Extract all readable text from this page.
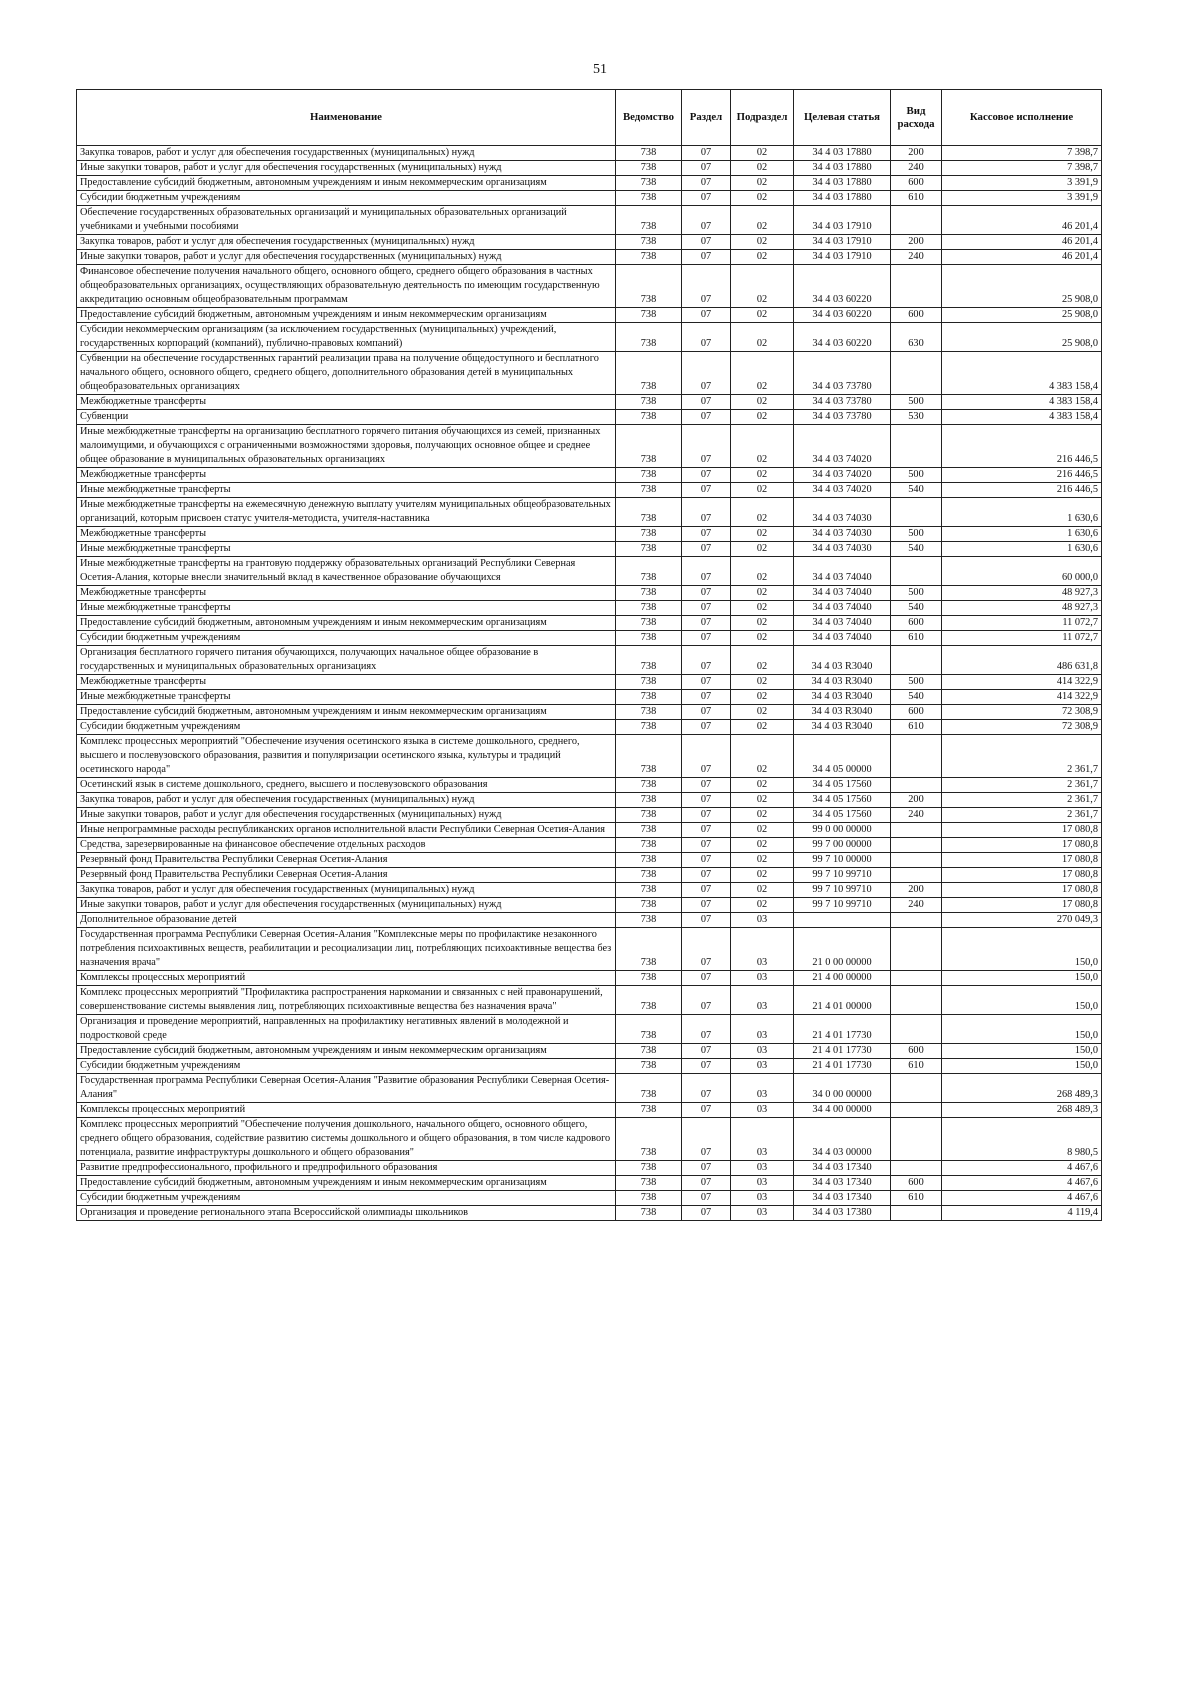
51
Наименование	Ведомство	Раздел	Подраздел	Целевая статья	Вид расхода	Кассовое исполнение
Закупка товаров, работ и услуг для обеспечения государственных (муниципальных) нужд	738	07	02	34 4 03 17880	200	7 398,7
Иные закупки товаров, работ и услуг для обеспечения государственных (муниципальных) нужд	738	07	02	34 4 03 17880	240	7 398,7
Предоставление субсидий бюджетным, автономным учреждениям и иным некоммерческим организациям	738	07	02	34 4 03 17880	600	3 391,9
Субсидии бюджетным учреждениям	738	07	02	34 4 03 17880	610	3 391,9
Обеспечение государственных образовательных организаций и муниципальных образовательных организаций учебниками и учебными пособиями	738	07	02	34 4 03 17910		46 201,4
Закупка товаров, работ и услуг для обеспечения государственных (муниципальных) нужд	738	07	02	34 4 03 17910	200	46 201,4
Иные закупки товаров, работ и услуг для обеспечения государственных (муниципальных) нужд	738	07	02	34 4 03 17910	240	46 201,4
Финансовое обеспечение получения начального общего, основного общего, среднего общего образования в частных общеобразовательных организациях, осуществляющих образовательную деятельность по имеющим государственную аккредитацию основным общеобразовательным программам	738	07	02	34 4 03 60220		25 908,0
Предоставление субсидий бюджетным, автономным учреждениям и иным некоммерческим организациям	738	07	02	34 4 03 60220	600	25 908,0
Субсидии некоммерческим организациям (за исключением государственных (муниципальных) учреждений, государственных корпораций (компаний), публично-правовых компаний)	738	07	02	34 4 03 60220	630	25 908,0
Субвенции на обеспечение государственных гарантий реализации права на получение общедоступного и бесплатного начального общего, основного общего, среднего общего, дополнительного образования детей в муниципальных общеобразовательных организациях	738	07	02	34 4 03 73780		4 383 158,4
Межбюджетные трансферты	738	07	02	34 4 03 73780	500	4 383 158,4
Субвенции	738	07	02	34 4 03 73780	530	4 383 158,4
Иные межбюджетные трансферты на организацию бесплатного горячего питания обучающихся из семей, признанных малоимущими, и обучающихся с ограниченными возможностями здоровья, получающих основное общее и среднее общее образование в муниципальных образовательных организациях	738	07	02	34 4 03 74020		216 446,5
Межбюджетные трансферты	738	07	02	34 4 03 74020	500	216 446,5
Иные межбюджетные трансферты	738	07	02	34 4 03 74020	540	216 446,5
Иные межбюджетные трансферты на ежемесячную денежную выплату учителям муниципальных общеобразовательных организаций, которым присвоен статус учителя-методиста, учителя-наставника	738	07	02	34 4 03 74030		1 630,6
Межбюджетные трансферты	738	07	02	34 4 03 74030	500	1 630,6
Иные межбюджетные трансферты	738	07	02	34 4 03 74030	540	1 630,6
Иные межбюджетные трансферты на грантовую поддержку образовательных организаций Республики Северная Осетия-Алания, которые внесли значительный вклад в качественное образование обучающихся	738	07	02	34 4 03 74040		60 000,0
Межбюджетные трансферты	738	07	02	34 4 03 74040	500	48 927,3
Иные межбюджетные трансферты	738	07	02	34 4 03 74040	540	48 927,3
Предоставление субсидий бюджетным, автономным учреждениям и иным некоммерческим организациям	738	07	02	34 4 03 74040	600	11 072,7
Субсидии бюджетным учреждениям	738	07	02	34 4 03 74040	610	11 072,7
Организация бесплатного горячего питания обучающихся, получающих начальное общее образование в государственных и муниципальных образовательных организациях	738	07	02	34 4 03 R3040		486 631,8
Межбюджетные трансферты	738	07	02	34 4 03 R3040	500	414 322,9
Иные межбюджетные трансферты	738	07	02	34 4 03 R3040	540	414 322,9
Предоставление субсидий бюджетным, автономным учреждениям и иным некоммерческим организациям	738	07	02	34 4 03 R3040	600	72 308,9
Субсидии бюджетным учреждениям	738	07	02	34 4 03 R3040	610	72 308,9
Комплекс процессных мероприятий "Обеспечение изучения осетинского языка в системе дошкольного, среднего, высшего и послевузовского образования, развития и популяризации осетинского языка, культуры и традиций осетинского народа"	738	07	02	34 4 05 00000		2 361,7
Осетинский язык в системе дошкольного, среднего, высшего и послевузовского образования	738	07	02	34 4 05 17560		2 361,7
Закупка товаров, работ и услуг для обеспечения государственных (муниципальных) нужд	738	07	02	34 4 05 17560	200	2 361,7
Иные закупки товаров, работ и услуг для обеспечения государственных (муниципальных) нужд	738	07	02	34 4 05 17560	240	2 361,7
Иные непрограммные расходы республиканских органов исполнительной власти Республики Северная Осетия-Алания	738	07	02	99 0 00 00000		17 080,8
Средства, зарезервированные на финансовое обеспечение отдельных расходов	738	07	02	99 7 00 00000		17 080,8
Резервный фонд Правительства Республики Северная Осетия-Алания	738	07	02	99 7 10 00000		17 080,8
Резервный фонд Правительства Республики Северная Осетия-Алания	738	07	02	99 7 10 99710		17 080,8
Закупка товаров, работ и услуг для обеспечения государственных (муниципальных) нужд	738	07	02	99 7 10 99710	200	17 080,8
Иные закупки товаров, работ и услуг для обеспечения государственных (муниципальных) нужд	738	07	02	99 7 10 99710	240	17 080,8
Дополнительное образование детей	738	07	03			270 049,3
Государственная программа Республики Северная Осетия-Алания "Комплексные меры по профилактике незаконного потребления психоактивных веществ, реабилитации и ресоциализации лиц, потребляющих психоактивные вещества без назначения врача"	738	07	03	21 0 00 00000		150,0
Комплексы процессных мероприятий	738	07	03	21 4 00 00000		150,0
Комплекс процессных мероприятий "Профилактика распространения наркомании и связанных с ней правонарушений, совершенствование системы выявления лиц, потребляющих психоактивные вещества без назначения врача"	738	07	03	21 4 01 00000		150,0
Организация и проведение мероприятий, направленных на профилактику негативных явлений в молодежной и подростковой среде	738	07	03	21 4 01 17730		150,0
Предоставление субсидий бюджетным, автономным учреждениям и иным некоммерческим организациям	738	07	03	21 4 01 17730	600	150,0
Субсидии бюджетным учреждениям	738	07	03	21 4 01 17730	610	150,0
Государственная программа Республики Северная Осетия-Алания "Развитие образования Республики Северная Осетия-Алания"	738	07	03	34 0 00 00000		268 489,3
Комплексы процессных мероприятий	738	07	03	34 4 00 00000		268 489,3
Комплекс процессных мероприятий "Обеспечение получения дошкольного, начального общего, основного общего, среднего общего образования, содействие развитию системы дошкольного и общего образования, в том числе кадрового потенциала, развитие инфраструктуры дошкольного и общего образования"	738	07	03	34 4 03 00000		8 980,5
Развитие предпрофессионального, профильного и предпрофильного образования	738	07	03	34 4 03 17340		4 467,6
Предоставление субсидий бюджетным, автономным учреждениям и иным некоммерческим организациям	738	07	03	34 4 03 17340	600	4 467,6
Субсидии бюджетным учреждениям	738	07	03	34 4 03 17340	610	4 467,6
Организация и проведение регионального этапа Всероссийской олимпиады школьников	738	07	03	34 4 03 17380		4 119,4
